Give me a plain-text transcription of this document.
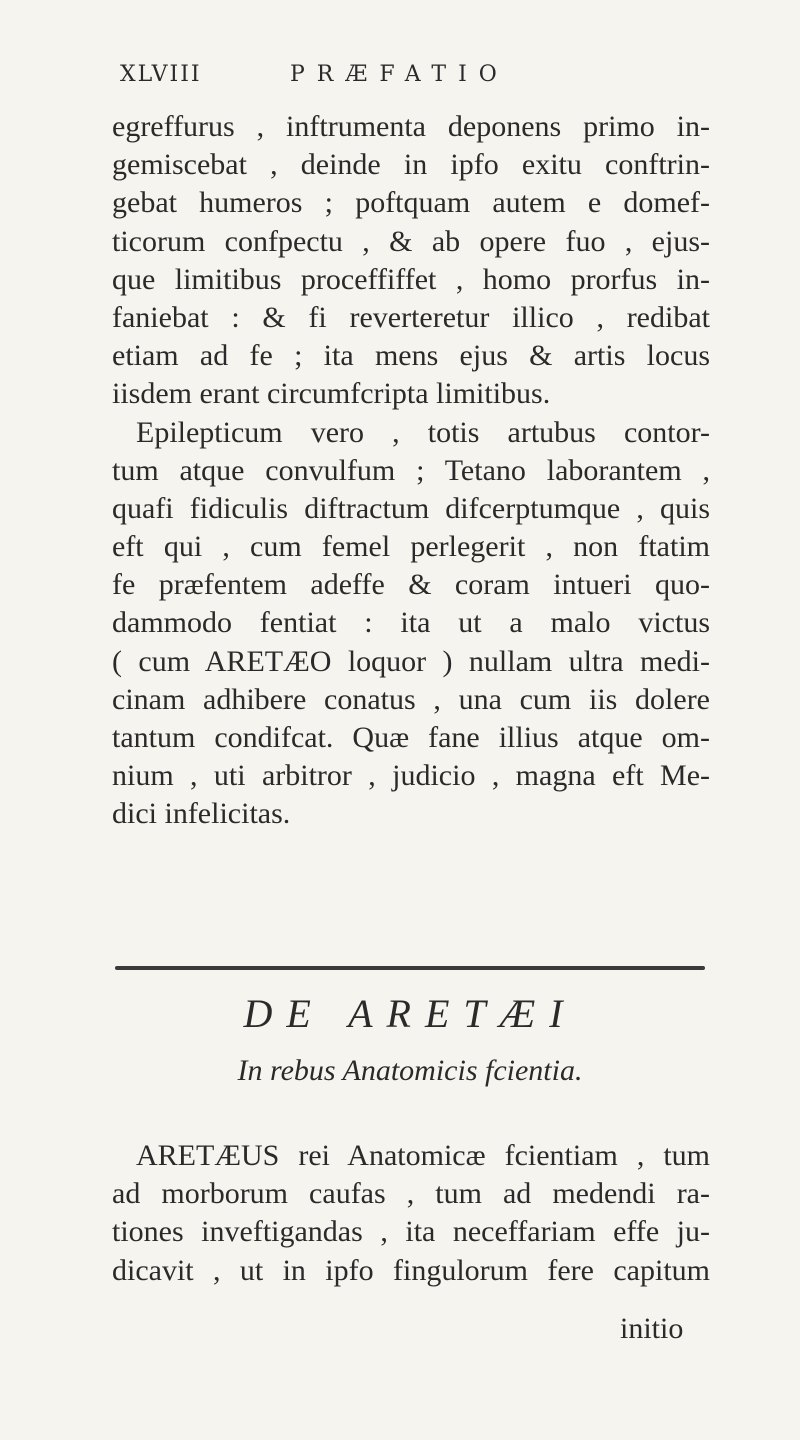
XLVIII	PRÆFATIO
egreffurus , inftrumenta deponens primo in-
gemiscebat , deinde in ipfo exitu conftrin-
gebat humeros ; poftquam autem e domef-
ticorum confpectu , & ab opere fuo , ejus-
que limitibus proceffiffet , homo prorfus in-
faniebat : & fi reverteretur illico , redibat
etiam ad fe ; ita mens ejus & artis locus
iisdem erant circumfcripta limitibus.
Epilepticum vero , totis artubus contor-
tum atque convulfum ; Tetano laborantem ,
quafi fidiculis diftractum difcerptumque , quis
eft qui , cum femel perlegerit , non ftatim
fe præfentem adeffe & coram intueri quo-
dammodo fentiat : ita ut a malo victus
( cum ARETÆO loquor ) nullam ultra medi-
cinam adhibere conatus , una cum iis dolere
tantum condifcat. Quæ fane illius atque om-
nium , uti arbitror , judicio , magna eft Me-
dici infelicitas.
DE ARETÆI
In rebus Anatomicis fcientia.
ARETÆUS rei Anatomicæ fcientiam , tum
ad morborum caufas , tum ad medendi ra-
tiones inveftigandas , ita neceffariam effe ju-
dicavit , ut in ipfo fingulorum fere capitum
initio
